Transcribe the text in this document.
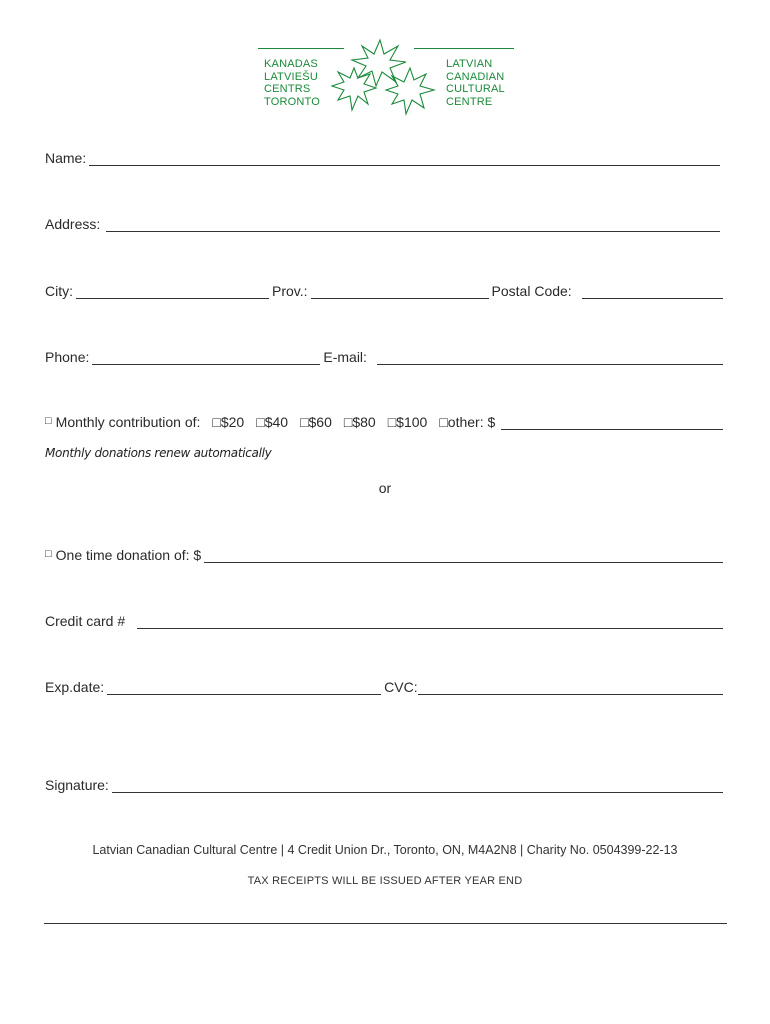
KANADAS
LATVIEŠU
CENTRS
TORONTO
LATVIAN
CANADIAN
CULTURAL
CENTRE
Name:
Address:
City:	Prov.:	Postal Code:
Phone:	E-mail:
□ Monthly contribution of: □$20 □$40 □$60 □$80 □$100 □other: $
Monthly donations renew automatically
or
□ One time donation of: $
Credit card #
Exp.date:	CVC:
Signature:
Latvian Canadian Cultural Centre | 4 Credit Union Dr., Toronto, ON, M4A2N8 | Charity No. 0504399-22-13
TAX RECEIPTS WILL BE ISSUED AFTER YEAR END
